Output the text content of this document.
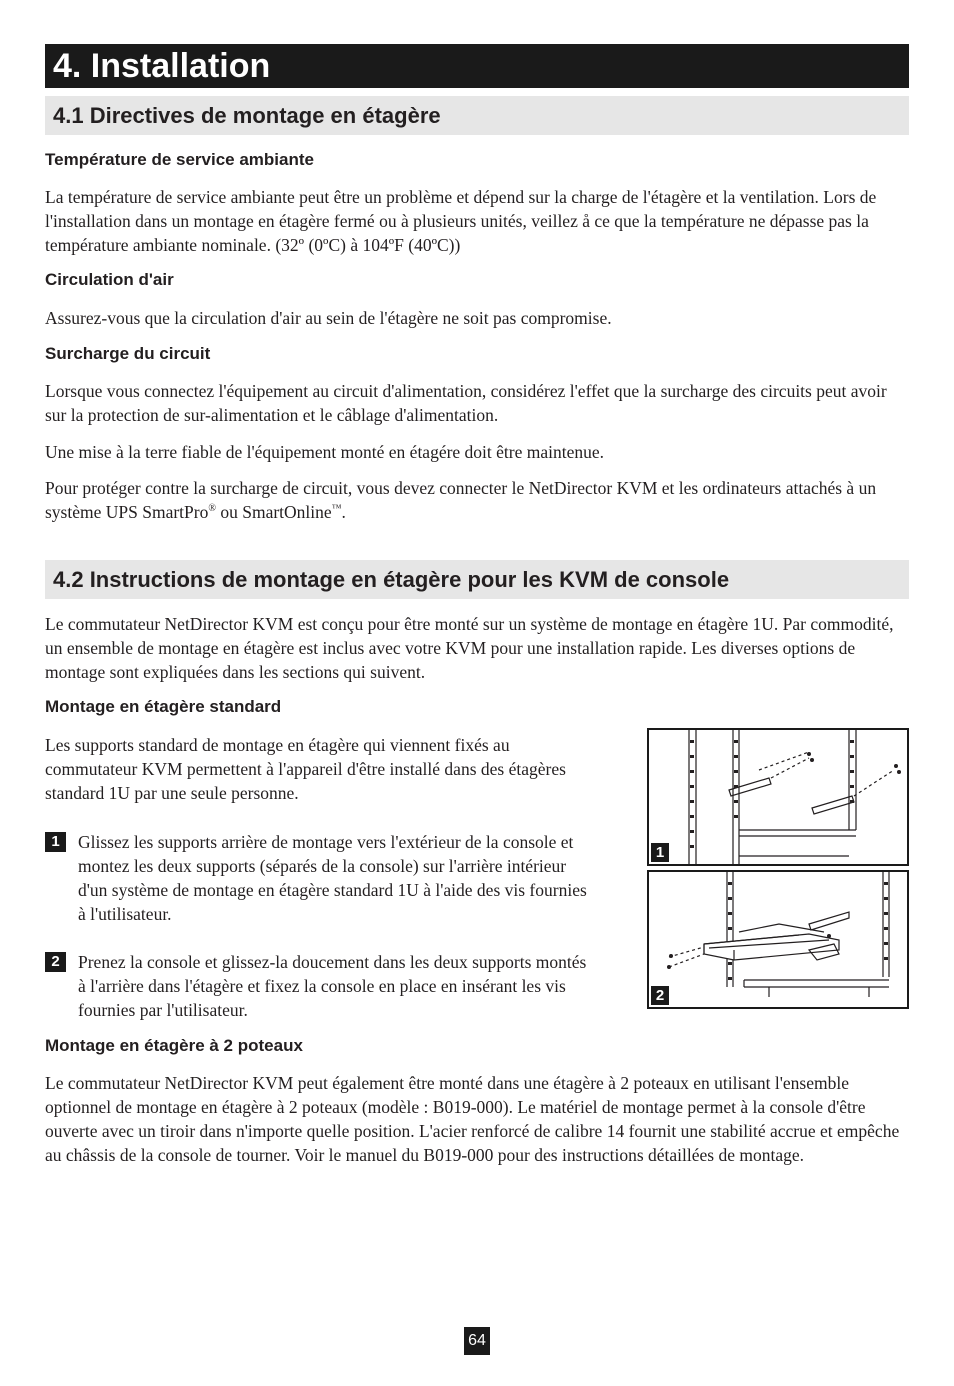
4. Installation
4.1 Directives de montage en étagère
Température de service ambiante

La température de service ambiante peut être un problème et dépend sur la charge de l'étagère et la ventilation. Lors de l'installation dans un montage en étagère fermé ou à plusieurs unités, veillez å ce que la température ne dépasse pas la température ambiante nominale. (32º (0ºC) à 104ºF (40ºC))

Circulation d'air

Assurez-vous que la circulation d'air au sein de l'étagère ne soit pas compromise.

Surcharge du circuit

Lorsque vous connectez l'équipement au circuit d'alimentation, considérez l'effet que la surcharge des circuits peut avoir sur la protection de sur-alimentation et le câblage d'alimentation.

Une mise à la terre fiable de l'équipement monté en étagére doit être maintenue.

Pour protéger contre la surcharge de circuit, vous devez connecter le NetDirector KVM et les ordinateurs attachés à un système UPS SmartPro® ou SmartOnline™.

4.2 Instructions de montage en étagère pour les KVM de console

Le commutateur NetDirector KVM est conçu pour être monté sur un système de montage en étagère 1U. Par commodité, un ensemble de montage en étagère est inclus avec votre KVM pour une installation rapide. Les diverses options de montage sont expliquées dans les sections qui suivent.

Montage en étagère standard

Les supports standard de montage en étagère qui viennent fixés au commutateur KVM permettent à l'appareil d'être installé dans des étagères standard 1U par une seule personne.

1	Glissez les supports arrière de montage vers l'extérieur de la console et montez les deux supports (séparés de la console) sur l'arrière intérieur d'un système de montage en étagère standard 1U à l'aide des vis fournies à l'utilisateur.

2	Prenez la console et glissez-la doucement dans les deux supports montés à l'arrière dans l'étagère et fixez la console en place en insérant les vis fournies par l'utilisateur.

1
2
Montage en étagère à 2 poteaux

Le commutateur NetDirector KVM peut également être monté dans une étagère à 2 poteaux en utilisant l'ensemble optionnel de montage en étagère à 2 poteaux (modèle : B019-000). Le matériel de montage permet à la console d'être ouverte avec un tiroir dans n'importe quelle position. L'acier renforcé de calibre 14 fournit une stabilité accrue et empêche au châssis de la console de tourner. Voir le manuel du B019-000 pour des instructions détaillées de montage.

64
